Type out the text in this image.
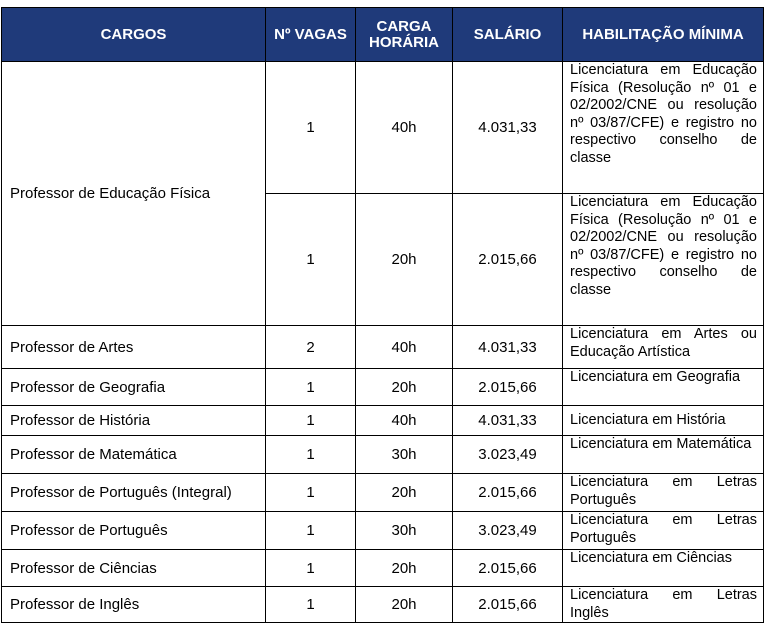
CARGOS	Nº VAGAS	CARGA HORÁRIA	SALÁRIO	HABILITAÇÃO MÍNIMA

Professor de Educação Física	1	40h	4.031,33	Licenciatura em Educação Física (Resolução nº 01 e 02/2002/CNE ou resolução nº 03/87/CFE) e registro no respectivo conselho de classe
	1	20h	2.015,66	Licenciatura em Educação Física (Resolução nº 01 e 02/2002/CNE ou resolução nº 03/87/CFE) e registro no respectivo conselho de classe
Professor de Artes	2	40h	4.031,33	Licenciatura em Artes ou Educação Artística
Professor de Geografia	1	20h	2.015,66	Licenciatura em Geografia
Professor de História	1	40h	4.031,33	Licenciatura em História
Professor de Matemática	1	30h	3.023,49	Licenciatura em Matemática
Professor de Português (Integral)	1	20h	2.015,66	Licenciatura em Letras Português
Professor de Português	1	30h	3.023,49	Licenciatura em Letras Português
Professor de Ciências	1	20h	2.015,66	Licenciatura em Ciências
Professor de Inglês	1	20h	2.015,66	Licenciatura em Letras Inglês
